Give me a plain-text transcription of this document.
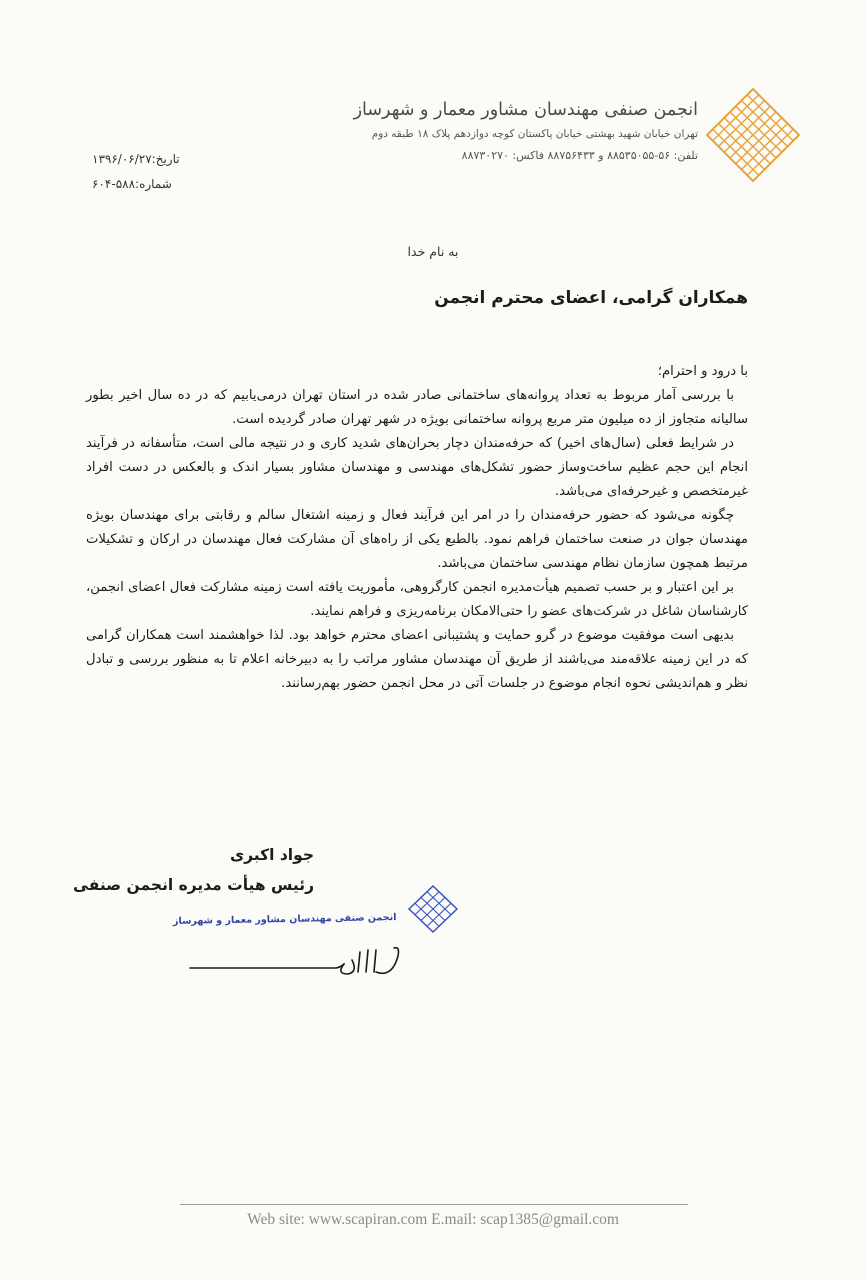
انجمن صنفی مهندسان مشاور معمار و شهرساز
تهران خیابان شهید بهشتی خیابان پاکستان کوچه دوازدهم پلاک ۱۸ طبقه دوم
تلفن: ۵۶-۸۸۵۳۵۰۵۵ و ۸۸۷۵۶۴۳۳ فاکس: ۸۸۷۳۰۲۷۰
تاریخ:۱۳۹۶/۰۶/۲۷
شماره:۵۸۸-۶۰۴
به نام خدا
همکاران گرامی، اعضای محترم انجمن

با درود و احترام؛

با بررسی آمار مربوط به تعداد پروانه‌های ساختمانی صادر شده در استان تهران درمی‌یابیم که در ده سال اخیر بطور سالیانه متجاوز از ده میلیون متر مربع پروانه ساختمانی بویژه در شهر تهران صادر گردیده است.

در شرایط فعلی (سال‌های اخیر) که حرفه‌مندان دچار بحران‌های شدید کاری و در نتیجه مالی است، متأسفانه در فرآیند انجام این حجم عظیم ساخت‌وساز حضور تشکل‌های مهندسی و مهندسان مشاور بسیار اندک و بالعکس در دست افراد غیرمتخصص و غیرحرفه‌ای می‌باشد.

چگونه می‌شود که حضور حرفه‌مندان را در امر این فرآیند فعال و زمینه اشتغال سالم و رقابتی برای مهندسان بویژه مهندسان جوان در صنعت ساختمان فراهم نمود. بالطبع یکی از راه‌های آن مشارکت فعال مهندسان در ارکان و تشکیلات مرتبط همچون سازمان نظام مهندسی ساختمان می‌باشد.

بر این اعتبار و بر حسب تصمیم هیأت‌مدیره انجمن کارگروهی، مأموریت یافته است زمینه مشارکت فعال اعضای انجمن، کارشناسان شاغل در شرکت‌های عضو را حتی‌الامکان برنامه‌ریزی و فراهم نمایند.

بدیهی است موفقیت موضوع در گرو حمایت و پشتیبانی اعضای محترم خواهد بود. لذا خواهشمند است همکاران گرامی که در این زمینه علاقه‌مند می‌باشند از طریق آن مهندسان مشاور مراتب را به دبیرخانه اعلام تا به منظور بررسی و تبادل نظر و هم‌اندیشی نحوه انجام موضوع در جلسات آتی در محل انجمن حضور بهم‌رسانند.

جواد اکبری
رئیس هیأت مدیره انجمن صنفی
انجمن صنفی مهندسان مشاور معمار و شهرساز
Web site: www.scapiran.com E.mail: scap1385@gmail.com
